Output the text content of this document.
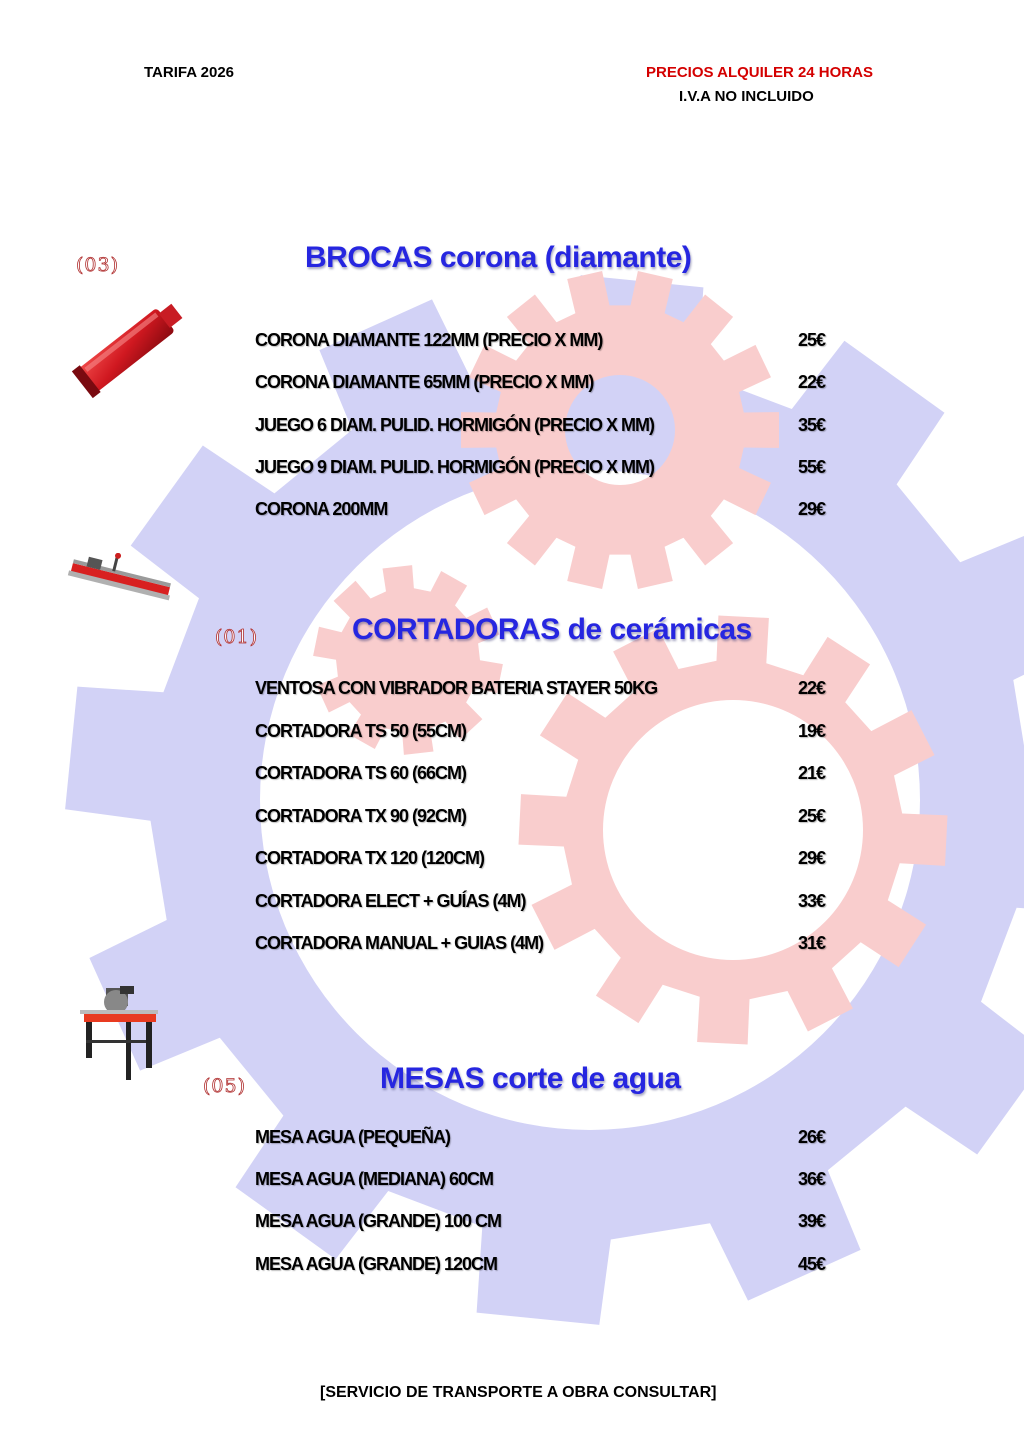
TARIFA 2026	PRECIOS ALQUILER 24 HORAS
I.V.A NO INCLUIDO
(03)	BROCAS corona (diamante)
CORONA DIAMANTE 122MM (PRECIO X MM)	25€
CORONA DIAMANTE 65MM (PRECIO X MM)	22€
JUEGO 6 DIAM. PULID. HORMIGÓN (PRECIO X MM)	35€
JUEGO 9 DIAM. PULID. HORMIGÓN (PRECIO X MM)	55€
CORONA 200MM	29€
(01)	CORTADORAS de cerámicas
VENTOSA CON VIBRADOR BATERIA STAYER 50KG	22€
CORTADORA TS 50 (55CM)	19€
CORTADORA TS 60 (66CM)	21€
CORTADORA TX 90 (92CM)	25€
CORTADORA TX 120 (120CM)	29€
CORTADORA ELECT + GUÍAS (4M)	33€
CORTADORA MANUAL + GUIAS (4M)	31€
(05)	MESAS corte de agua
MESA AGUA (PEQUEÑA)	26€
MESA AGUA (MEDIANA) 60CM	36€
MESA AGUA (GRANDE) 100 CM	39€
MESA AGUA (GRANDE) 120CM	45€
[SERVICIO DE TRANSPORTE A OBRA CONSULTAR]
